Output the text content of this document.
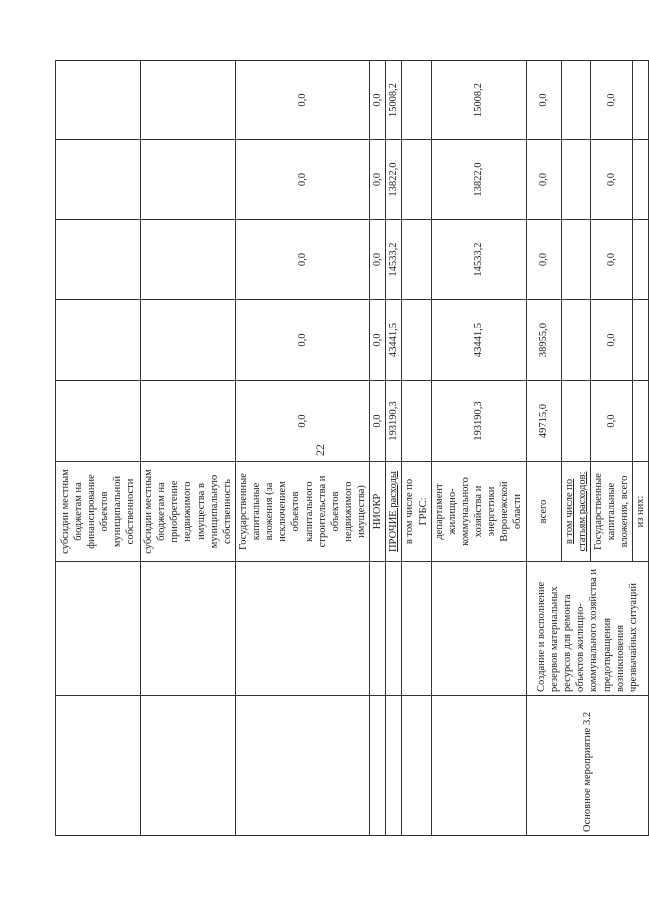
22
		субсидии местным бюджетам на финансирование объектов муниципальной собственности					
		субсидии местным бюджетам на приобретение недвижимого имущества в муниципальную собственность					
		Государственные капитальные вложения (за исключением объектов капитального строительства и объектов недвижимого имущества)	0,0	0,0	0,0	0,0	0,0
		НИОКР	0,0	0,0	0,0	0,0	0,0
		ПРОЧИЕ расходы	193190,3	43441,5	14533,2	13822,0	15008,2
		в том числе по ГРБС:					
		департамент жилищно-коммунального хозяйства и энергетики Воронежской области	193190,3	43441,5	14533,2	13822,0	15008,2
Основное мероприятие 3.2	Создание и восполнение резервов материальных ресурсов для ремонта объектов жилищно-коммунального хозяйства и предотвращения возникновения чрезвычайных ситуаций	всего	49715,0	38955,0	0,0	0,0	0,0
		в том числе по статьям расходов:					
		Государственные капитальные вложения, всего	0,0	0,0	0,0	0,0	0,0
		из них:					
